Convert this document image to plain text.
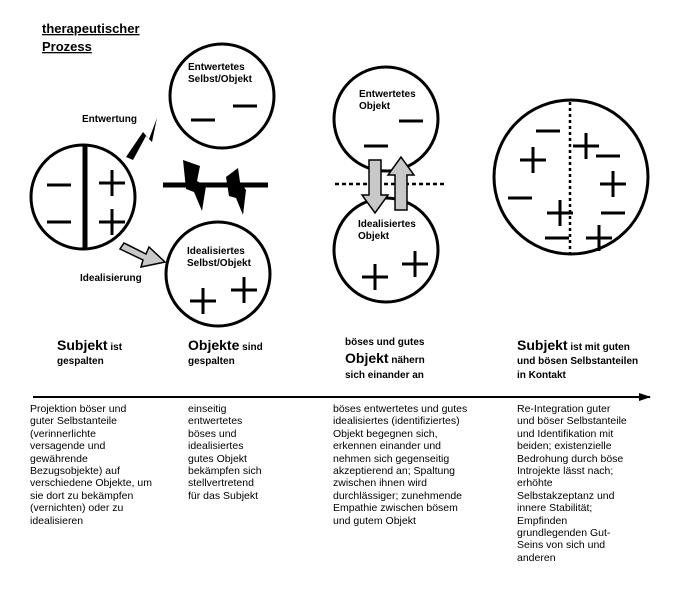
therapeutischer
Prozess
Entwertung
Idealisierung
Entwertetes
Selbst/Objekt
Idealisiertes
Selbst/Objekt
Entwertetes
Objekt
Idealisiertes
Objekt
Subjekt ist
gespalten
Objekte sind
gespalten
böses und gutes
Objekt nähern
sich einander an
Subjekt ist mit guten
und bösen Selbstanteilen
in Kontakt
Projektion böser und
guter Selbstanteile
(verinnerlichte
versagende und
gewährende
Bezugsobjekte) auf
verschiedene Objekte, um
sie dort zu bekämpfen
(vernichten) oder zu
idealisieren
einseitig
entwertetes
böses und
idealisiertes
gutes Objekt
bekämpfen sich
stellvertretend
für das Subjekt
böses entwertetes und gutes
idealisiertes (identifiziertes)
Objekt begegnen sich,
erkennen einander und
nehmen sich gegenseitig
akzeptierend an; Spaltung
zwischen ihnen wird
durchlässiger; zunehmende
Empathie zwischen bösem
und gutem Objekt
Re-Integration guter
und böser Selbstanteile
und Identifikation mit
beiden; existenzielle
Bedrohung durch böse
Introjekte lässt nach;
erhöhte
Selbstakzeptanz und
innere Stabilität;
Empfinden
grundlegenden Gut-
Seins von sich und
anderen
